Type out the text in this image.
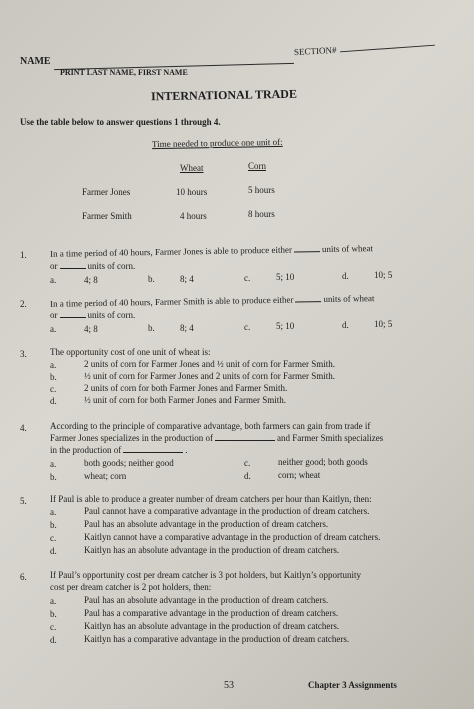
NAME
SECTION#
PRINT LAST NAME, FIRST NAME
INTERNATIONAL TRADE
Use the table below to answer questions 1 through 4.
Time needed to produce one unit of:
Wheat	Corn
Farmer Jones	10 hours	5 hours
Farmer Smith	4 hours	8 hours
1.	In a time period of 40 hours, Farmer Jones is able to produce either	units of wheat
or	units of corn.
a.	4; 8	b.	8; 4	c.	5; 10	d.	10; 5
2.	In a time period of 40 hours, Farmer Smith is able to produce either	units of wheat
or	units of corn.
a.	4; 8	b.	8; 4	c.	5; 10	d.	10; 5
3.	The opportunity cost of one unit of wheat is:
a.	2 units of corn for Farmer Jones and ½ unit of corn for Farmer Smith.
b.	½ unit of corn for Farmer Jones and 2 units of corn for Farmer Smith.
c.	2 units of corn for both Farmer Jones and Farmer Smith.
d.	½ unit of corn for both Farmer Jones and Farmer Smith.
4.	According to the principle of comparative advantage, both farmers can gain from trade if
Farmer Jones specializes in the production of	and Farmer Smith specializes
in the production of	.
a.	both goods; neither good	c.	neither good; both goods
b.	wheat; corn	d.	corn; wheat
5.	If Paul is able to produce a greater number of dream catchers per hour than Kaitlyn, then:
a.	Paul cannot have a comparative advantage in the production of dream catchers.
b.	Paul has an absolute advantage in the production of dream catchers.
c.	Kaitlyn cannot have a comparative advantage in the production of dream catchers.
d.	Kaitlyn has an absolute advantage in the production of dream catchers.
6.	If Paul’s opportunity cost per dream catcher is 3 pot holders, but Kaitlyn’s opportunity
cost per dream catcher is 2 pot holders, then:
a.	Paul has an absolute advantage in the production of dream catchers.
b.	Paul has a comparative advantage in the production of dream catchers.
c.	Kaitlyn has an absolute advantage in the production of dream catchers.
d.	Kaitlyn has a comparative advantage in the production of dream catchers.
53	Chapter 3 Assignments
